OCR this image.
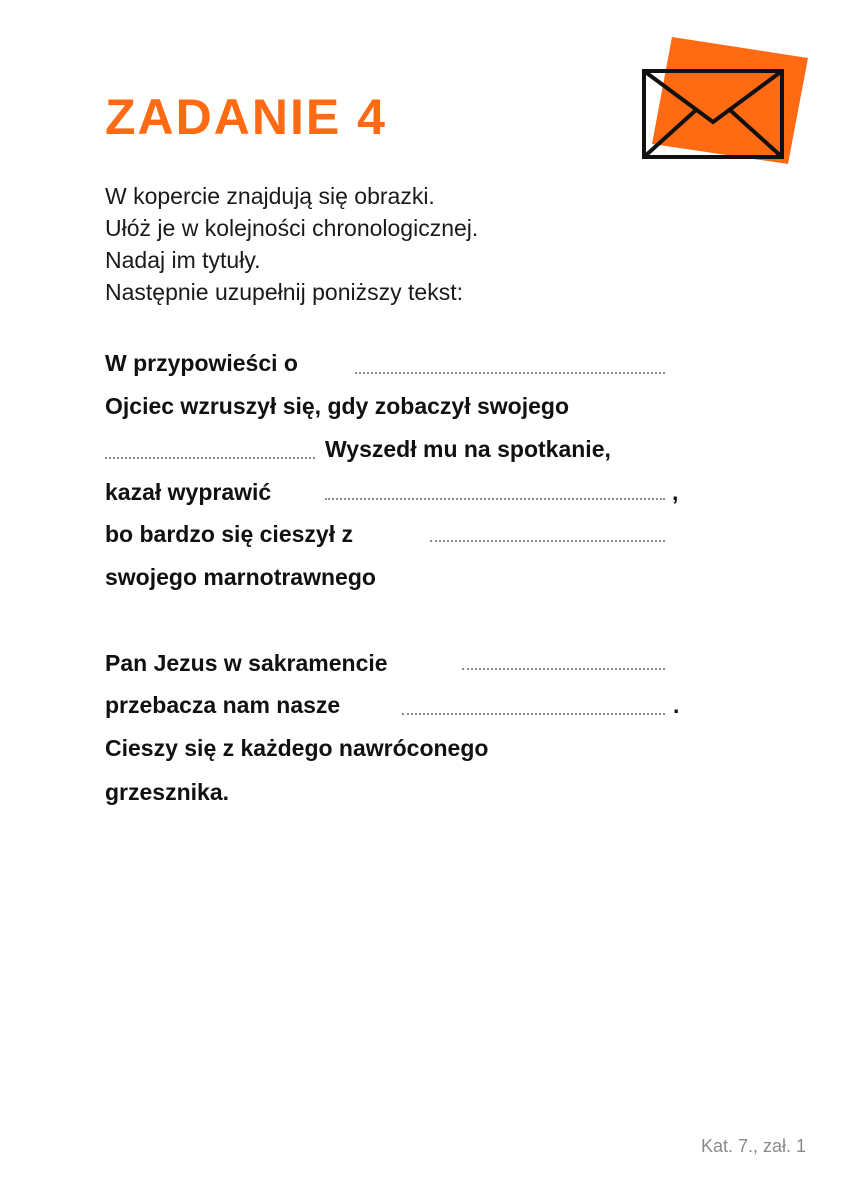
ZADANIE 4
W kopercie znajdują się obrazki.
Ułóż je w kolejności chronologicznej.
Nadaj im tytuły.
Następnie uzupełnij poniższy tekst:
W przypowieści o
Ojciec wzruszył się, gdy zobaczył swojego
Wyszedł mu na spotkanie,
kazał wyprawić	,
bo bardzo się cieszył z
swojego marnotrawnego
Pan Jezus w sakramencie
przebacza nam nasze	.
Cieszy się z każdego nawróconego
grzesznika.
Kat. 7., zał. 1
